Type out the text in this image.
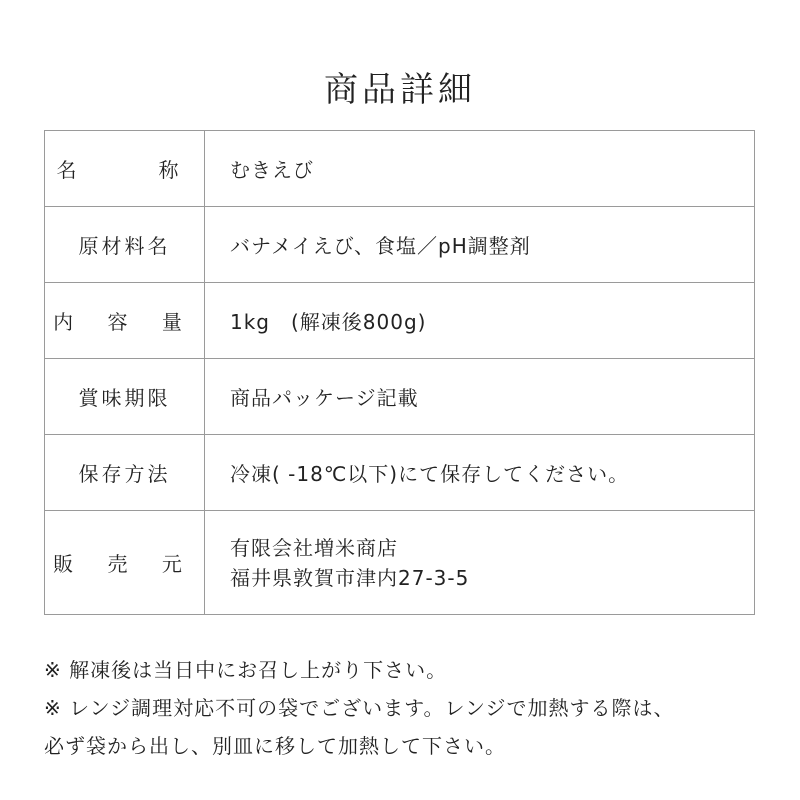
商品詳細
名　　称	むきえび
原材料名	バナメイえび、食塩／pH調整剤
内 容 量	1kg　(解凍後800g)
賞味期限	商品パッケージ記載
保存方法	冷凍( -18℃以下)にて保存してください。
販 売 元	有限会社増米商店
福井県敦賀市津内27-3-5
※ 解凍後は当日中にお召し上がり下さい。
※ レンジ調理対応不可の袋でございます。レンジで加熱する際は、
必ず袋から出し、別皿に移して加熱して下さい。
